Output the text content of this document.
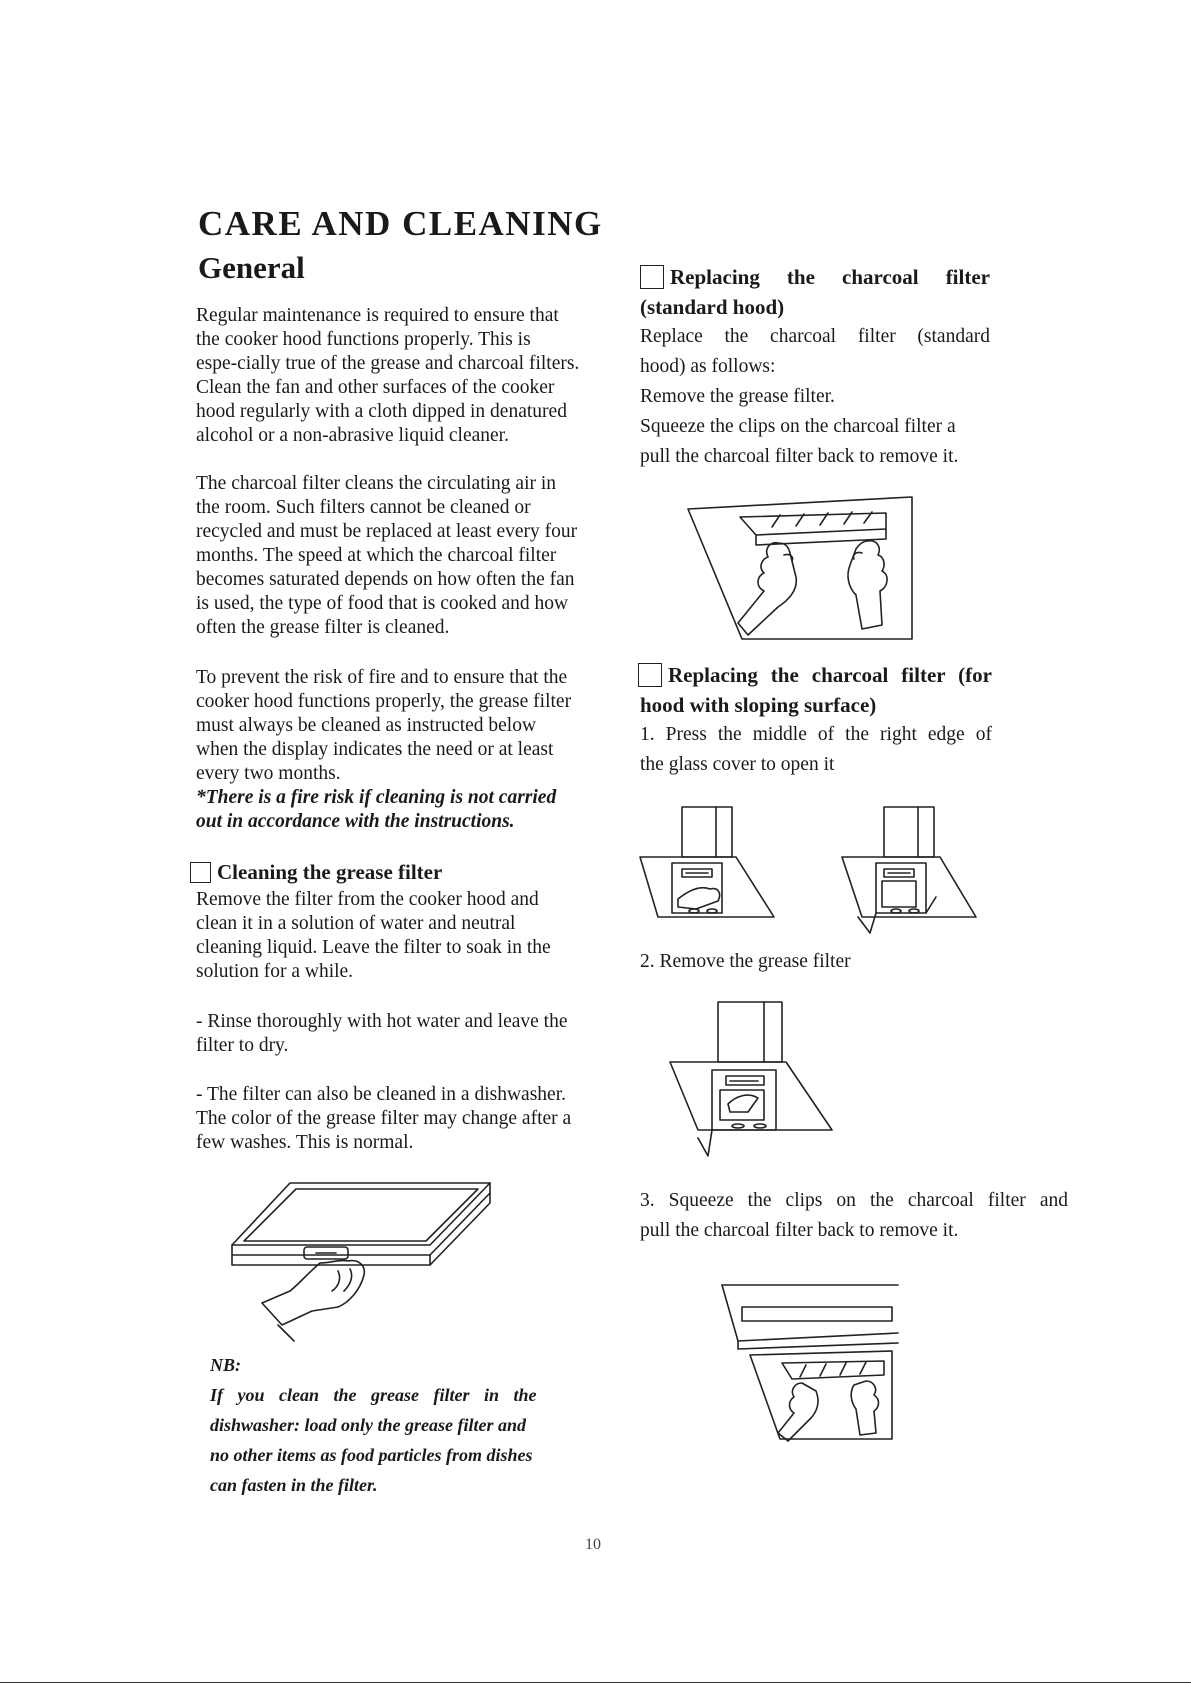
CARE AND CLEANING
General
Regular maintenance is required to ensure that
the cooker hood functions properly. This is
espe-cially true of the grease and charcoal filters.
Clean the fan and other surfaces of the cooker
hood regularly with a cloth dipped in denatured
alcohol or a non-abrasive liquid cleaner.
The charcoal filter cleans the circulating air in
the room. Such filters cannot be cleaned or
recycled and must be replaced at least every four
months. The speed at which the charcoal filter
becomes saturated depends on how often the fan
is used, the type of food that is cooked and how
often the grease filter is cleaned.
To prevent the risk of fire and to ensure that the
cooker hood functions properly, the grease filter
must always be cleaned as instructed below
when the display indicates the need or at least
every two months.
*There is a fire risk if cleaning is not carried
out in accordance with the instructions.
Cleaning the grease filter
Remove the filter from the cooker hood and
clean it in a solution of water and neutral
cleaning liquid. Leave the filter to soak in the
solution for a while.
- Rinse thoroughly with hot water and leave the
filter to dry.
- The filter can also be cleaned in a dishwasher.
The color of the grease filter may change after a
few washes. This is normal.
NB:
If you clean the grease filter in the
dishwasher: load only the grease filter and
no other items as food particles from dishes
can fasten in the filter.
Replacing the charcoal filter
(standard hood)
Replace the charcoal filter (standard
hood) as follows:
Remove the grease filter.
Squeeze the clips on the charcoal filter a
pull the charcoal filter back to remove it.
Replacing the charcoal filter (for
hood with sloping surface)
1. Press the middle of the right edge of
the glass cover to open it
2. Remove the grease filter
3. Squeeze the clips on the charcoal filter and
pull the charcoal filter back to remove it.
10
